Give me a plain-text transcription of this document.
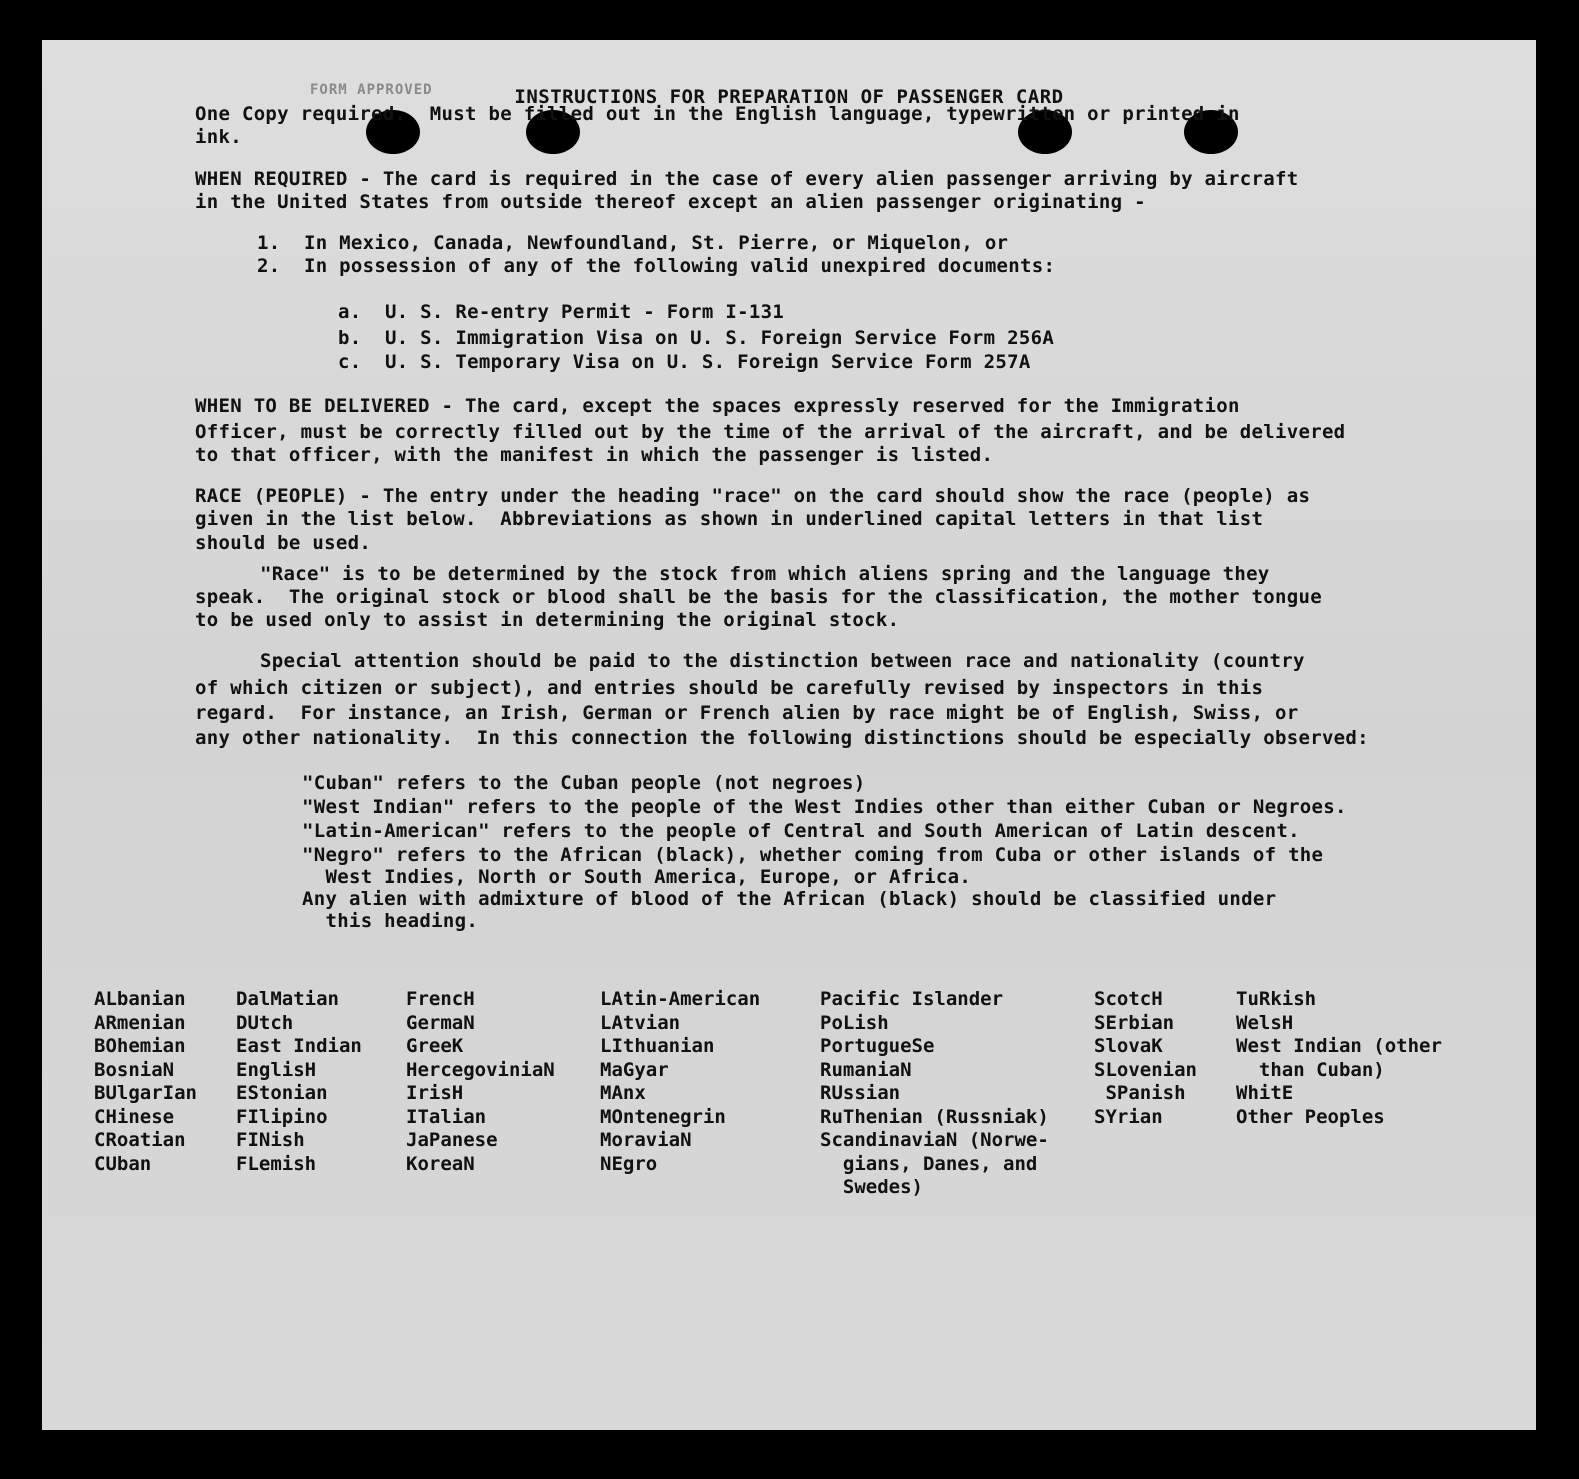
FORM APPROVED	INSTRUCTIONS FOR PREPARATION OF PASSENGER CARD
One Copy required.  Must be filled out in the English language, typewritten or printed in
ink.
WHEN REQUIRED - The card is required in the case of every alien passenger arriving by aircraft
in the United States from outside thereof except an alien passenger originating -
1.  In Mexico, Canada, Newfoundland, St. Pierre, or Miquelon, or
2.  In possession of any of the following valid unexpired documents:
a.  U. S. Re-entry Permit - Form I-131
b.  U. S. Immigration Visa on U. S. Foreign Service Form 256A
c.  U. S. Temporary Visa on U. S. Foreign Service Form 257A
WHEN TO BE DELIVERED - The card, except the spaces expressly reserved for the Immigration
Officer, must be correctly filled out by the time of the arrival of the aircraft, and be delivered
to that officer, with the manifest in which the passenger is listed.
RACE (PEOPLE) - The entry under the heading "race" on the card should show the race (people) as
given in the list below.  Abbreviations as shown in underlined capital letters in that list
should be used.
"Race" is to be determined by the stock from which aliens spring and the language they
speak.  The original stock or blood shall be the basis for the classification, the mother tongue
to be used only to assist in determining the original stock.
Special attention should be paid to the distinction between race and nationality (country
of which citizen or subject), and entries should be carefully revised by inspectors in this
regard.  For instance, an Irish, German or French alien by race might be of English, Swiss, or
any other nationality.  In this connection the following distinctions should be especially observed:
"Cuban" refers to the Cuban people (not negroes)
"West Indian" refers to the people of the West Indies other than either Cuban or Negroes.
"Latin-American" refers to the people of Central and South American of Latin descent.
"Negro" refers to the African (black), whether coming from Cuba or other islands of the
West Indies, North or South America, Europe, or Africa.
Any alien with admixture of blood of the African (black) should be classified under
this heading.
ALbanian
ARmenian
BOhemian
BosniaN
BUlgarIan
CHinese
CRoatian
CUban
DalMatian
DUtch
East Indian
EnglisH
EStonian
FIlipino
FINish
FLemish
FrencH
GermaN
GreeK
HercegoviniaN
IrisH
ITalian
JaPanese
KoreaN
LAtin-American
LAtvian
LIthuanian
MaGyar
MAnx
MOntenegrin
MoraviaN
NEgro
Pacific Islander
PoLish
PortugueSe
RumaniaN
RUssian
RuThenian (Russniak)
ScandinaviaN (Norwe-
gians, Danes, and
Swedes)
ScotcH
SErbian
SlovaK
SLovenian
SPanish
SYrian
TuRkish
WelsH
West Indian (other
than Cuban)
WhitE
Other Peoples
